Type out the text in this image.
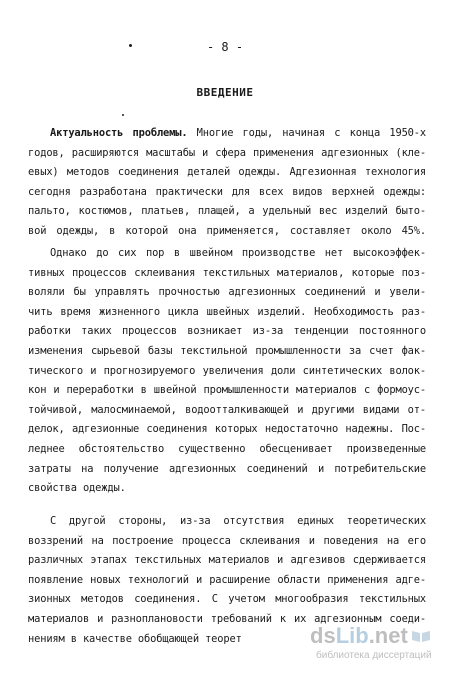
- 8 -
ВВЕДЕНИЕ
Актуальность проблемы. Многие годы, начиная с конца 1950-х
годов, расширяются масштабы и сфера применения адгезионных (кле-
евых) методов соединения деталей одежды. Адгезионная технология
сегодня разработана практически для всех видов верхней одежды:
пальто, костюмов, платьев, плащей, а удельный вес изделий быто-
вой одежды, в которой она применяется, составляет около 45%.
Однако до сих пор в швейном производстве нет высокоэффек-
тивных процессов склеивания текстильных материалов, которые поз-
воляли бы управлять прочностью адгезионных соединений и увели-
чить время жизненного цикла швейных изделий. Необходимость раз-
работки таких процессов возникает из-за тенденции постоянного
изменения сырьевой базы текстильной промышленности за счет фак-
тического и прогнозируемого увеличения доли синтетических волок-
кон и переработки в швейной промышленности материалов с формоус-
тойчивой, малосминаемой, водоотталкивающей и другими видами от-
делок, адгезионные соединения которых недостаточно надежны. Пос-
леднее обстоятельство существенно обесценивает произведенные
затраты на получение адгезионных соединений и потребительские
свойства одежды.
С другой стороны, из-за отсутствия единых теоретических
воззрений на построение процесса склеивания и поведения на его
различных этапах текстильных материалов и адгезивов сдерживается
появление новых технологий и расширение области применения адге-
зионных методов соединения. С учетом многообразия текстильных
материалов и разноплановости требований к их адгезионным соеди-
нениям в качестве обобщающей теорет	ds Lib .net
библиотека диссертаций
